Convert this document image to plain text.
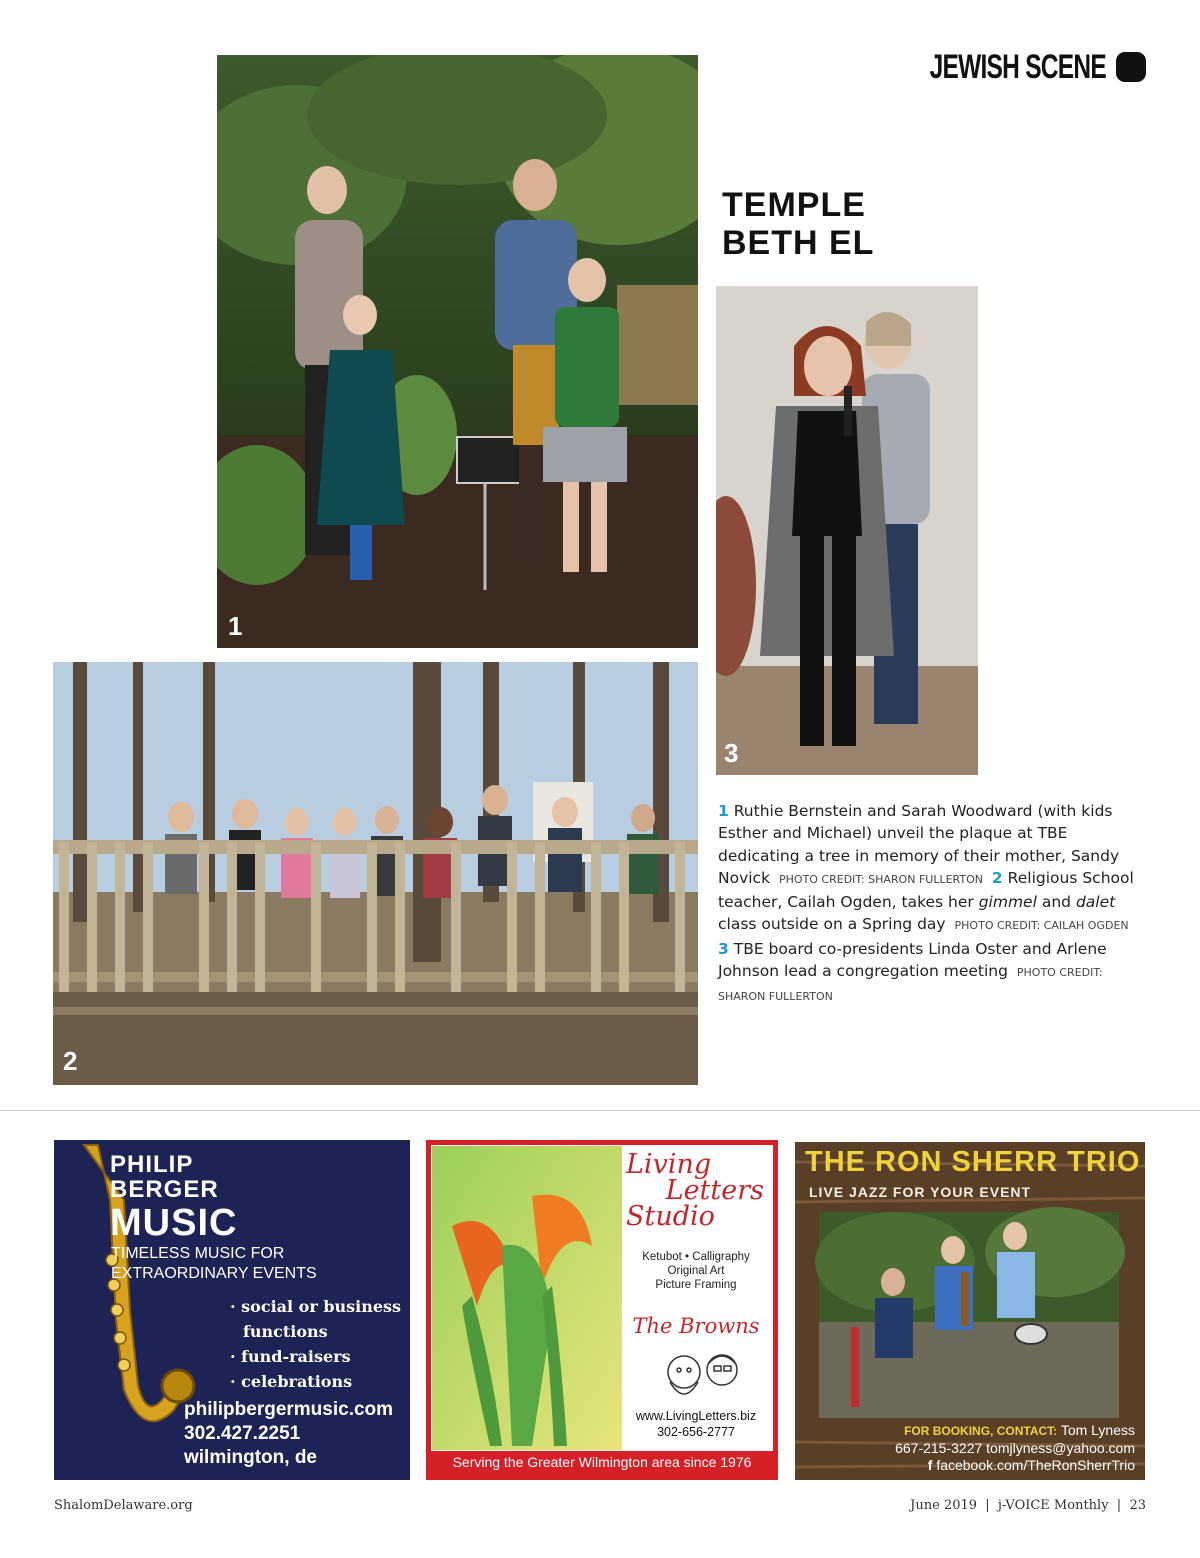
JEWISH SCENE
TEMPLE
BETH EL
1
3
2
1 Ruthie Bernstein and Sarah Woodward (with kids Esther and Michael) unveil the plaque at TBE dedicating a tree in memory of their mother, Sandy Novick PHOTO CREDIT: SHARON FULLERTON 2 Religious School teacher, Cailah Ogden, takes her gimmel and dalet class outside on a Spring day PHOTO CREDIT: CAILAH OGDEN
3 TBE board co-presidents Linda Oster and Arlene Johnson lead a congregation meeting PHOTO CREDIT: SHARON FULLERTON
PHILIP
BERGER
MUSIC
TIMELESS MUSIC FOR
EXTRAORDINARY EVENTS
· social or business
functions
· fund-raisers
· celebrations
philipbergermusic.com
302.427.2251
wilmington, de
Living
Letters
Studio
Ketubot • Calligraphy
Original Art
Picture Framing
The Browns
www.LivingLetters.biz
302-656-2777
Serving the Greater Wilmington area since 1976
THE RON SHERR TRIO
LIVE JAZZ FOR YOUR EVENT
FOR BOOKING, CONTACT: Tom Lyness
667-215-3227 tomjlyness@yahoo.com
f facebook.com/TheRonSherrTrio
ShalomDelaware.org	June 2019  |  j-VOICE Monthly  |  23
